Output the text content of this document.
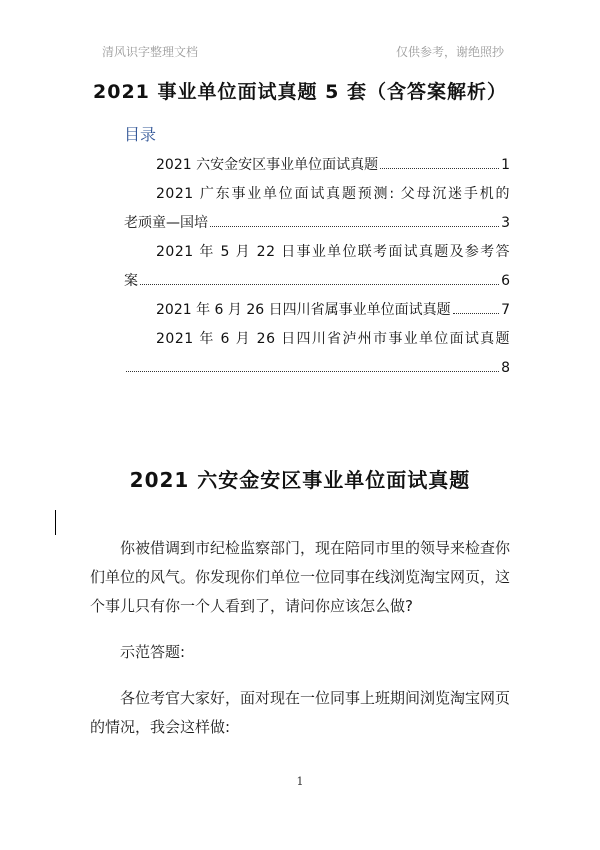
清风识字整理文档	仅供参考，谢绝照抄
2021 事业单位面试真题 5 套（含答案解析）
目录
2021 六安金安区事业单位面试真题	1
2021 广东事业单位面试真题预测: 父母沉迷手机的
老顽童—国培	3
2021 年 5 月 22 日事业单位联考面试真题及参考答
案	6
2021 年 6 月 26 日四川省属事业单位面试真题	7
2021 年 6 月 26 日四川省泸州市事业单位面试真题
8
2021 六安金安区事业单位面试真题

你被借调到市纪检监察部门，现在陪同市里的领导来检查你们单位的风气。你发现你们单位一位同事在线浏览淘宝网页，这个事儿只有你一个人看到了，请问你应该怎么做?

示范答题:

各位考官大家好，面对现在一位同事上班期间浏览淘宝网页的情况，我会这样做:

1
